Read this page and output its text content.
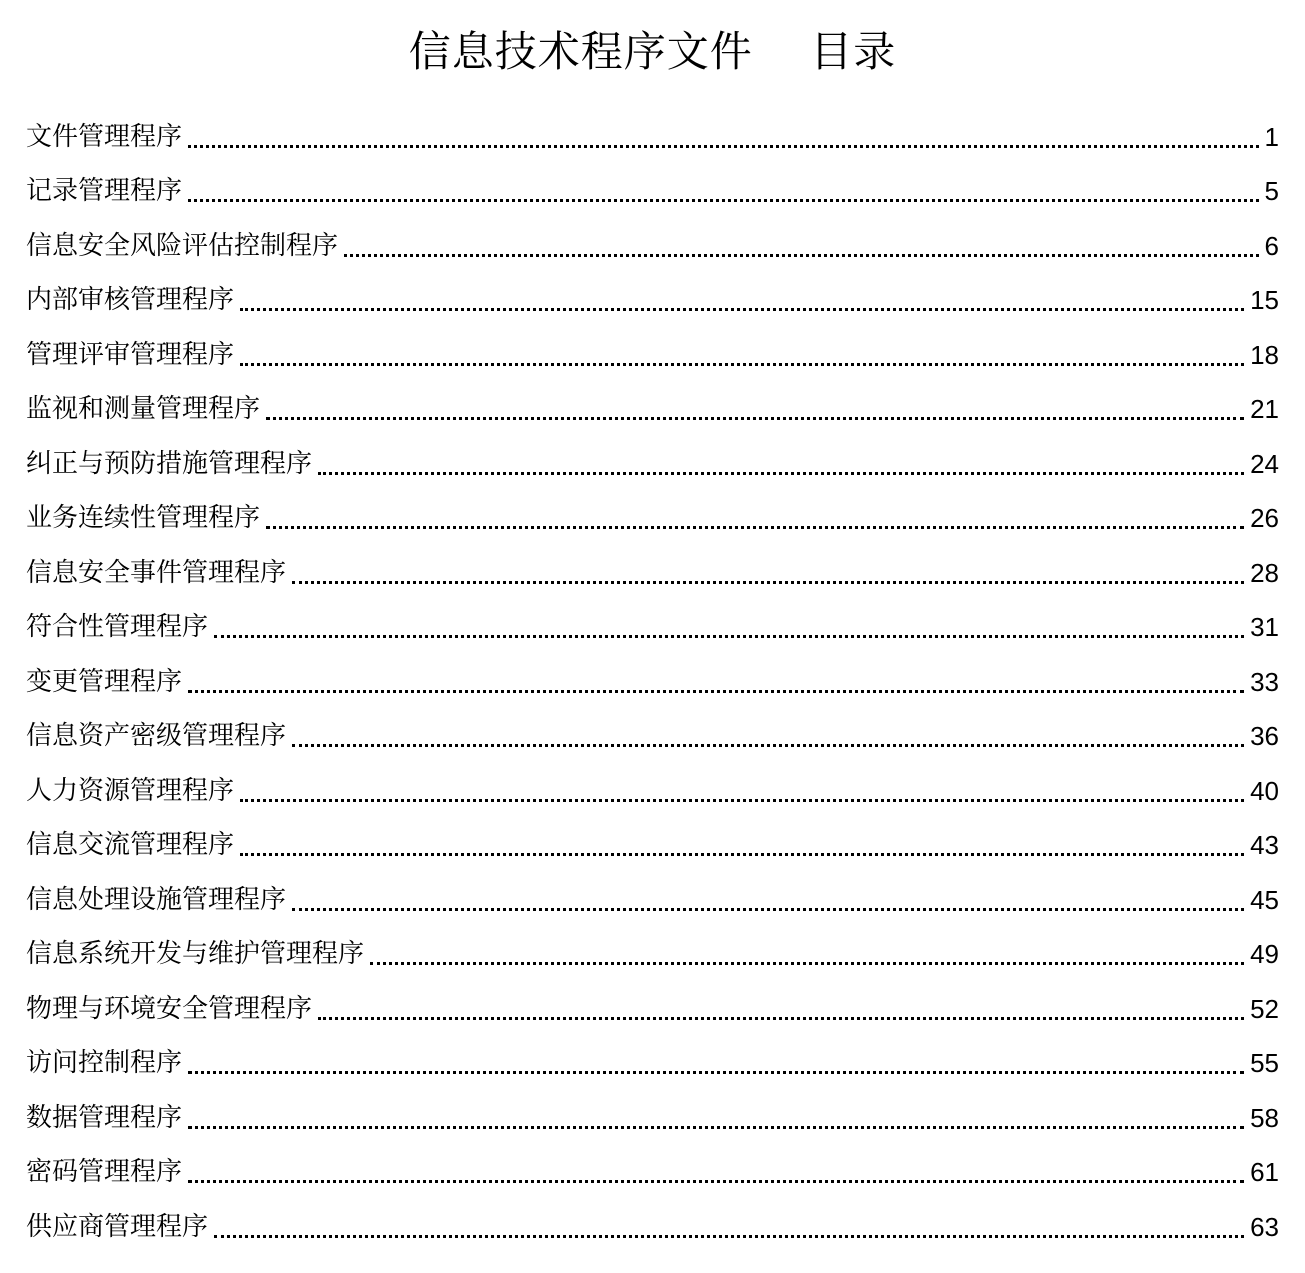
信息技术程序文件    目录
文件管理程序	1
记录管理程序	5
信息安全风险评估控制程序	6
内部审核管理程序	15
管理评审管理程序	18
监视和测量管理程序	21
纠正与预防措施管理程序	24
业务连续性管理程序	26
信息安全事件管理程序	28
符合性管理程序	31
变更管理程序	33
信息资产密级管理程序	36
人力资源管理程序	40
信息交流管理程序	43
信息处理设施管理程序	45
信息系统开发与维护管理程序	49
物理与环境安全管理程序	52
访问控制程序	55
数据管理程序	58
密码管理程序	61
供应商管理程序	63
